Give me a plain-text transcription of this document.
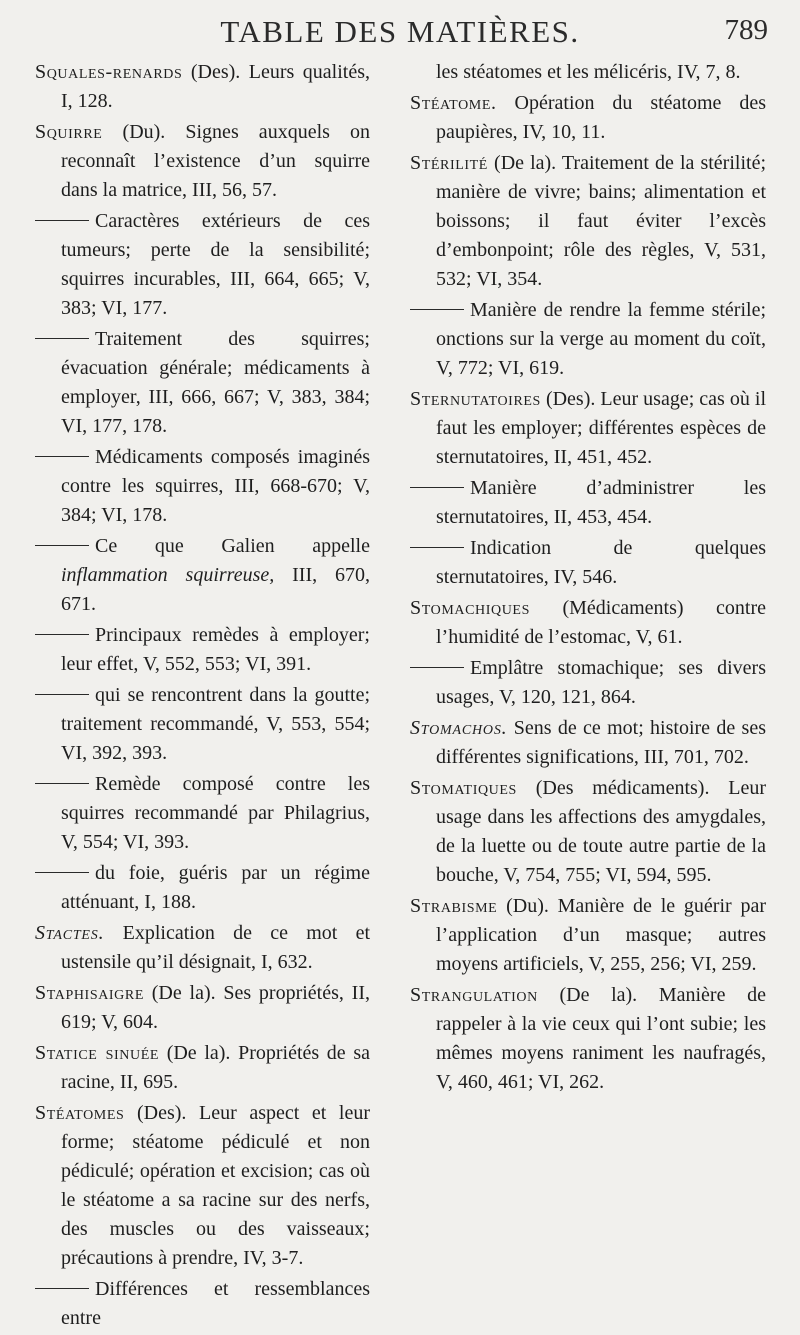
TABLE DES MATIÈRES.	789

Squales-renards (Des). Leurs qualités, I, 128.

Squirre (Du). Signes auxquels on reconnaît l’existence d’un squirre dans la matrice, III, 56, 57.

Caractères extérieurs de ces tumeurs; perte de la sensibilité; squirres incurables, III, 664, 665; V, 383; VI, 177.

Traitement des squirres; évacuation générale; médicaments à employer, III, 666, 667; V, 383, 384; VI, 177, 178.

Médicaments composés imaginés contre les squirres, III, 668-670; V, 384; VI, 178.

Ce que Galien appelle inflammation squirreuse, III, 670, 671.

Principaux remèdes à employer; leur effet, V, 552, 553; VI, 391.

qui se rencontrent dans la goutte; traitement recommandé, V, 553, 554; VI, 392, 393.

Remède composé contre les squirres recommandé par Philagrius, V, 554; VI, 393.

du foie, guéris par un régime atténuant, I, 188.

Stactes. Explication de ce mot et ustensile qu’il désignait, I, 632.

Staphisaigre (De la). Ses propriétés, II, 619; V, 604.

Statice sinuée (De la). Propriétés de sa racine, II, 695.

Stéatomes (Des). Leur aspect et leur forme; stéatome pédiculé et non pédiculé; opération et excision; cas où le stéatome a sa racine sur des nerfs, des muscles ou des vaisseaux; précautions à prendre, IV, 3-7.

Différences et ressemblances entre

les stéatomes et les mélicéris, IV, 7, 8.

Stéatome. Opération du stéatome des paupières, IV, 10, 11.

Stérilité (De la). Traitement de la stérilité; manière de vivre; bains; alimentation et boissons; il faut éviter l’excès d’embonpoint; rôle des règles, V, 531, 532; VI, 354.

Manière de rendre la femme stérile; onctions sur la verge au moment du coït, V, 772; VI, 619.

Sternutatoires (Des). Leur usage; cas où il faut les employer; différentes espèces de sternutatoires, II, 451, 452.

Manière d’administrer les sternutatoires, II, 453, 454.

Indication de quelques sternutatoires, IV, 546.

Stomachiques (Médicaments) contre l’humidité de l’estomac, V, 61.

Emplâtre stomachique; ses divers usages, V, 120, 121, 864.

Stomachos. Sens de ce mot; histoire de ses différentes significations, III, 701, 702.

Stomatiques (Des médicaments). Leur usage dans les affections des amygdales, de la luette ou de toute autre partie de la bouche, V, 754, 755; VI, 594, 595.

Strabisme (Du). Manière de le guérir par l’application d’un masque; autres moyens artificiels, V, 255, 256; VI, 259.

Strangulation (De la). Manière de rappeler à la vie ceux qui l’ont subie; les mêmes moyens raniment les naufragés, V, 460, 461; VI, 262.
